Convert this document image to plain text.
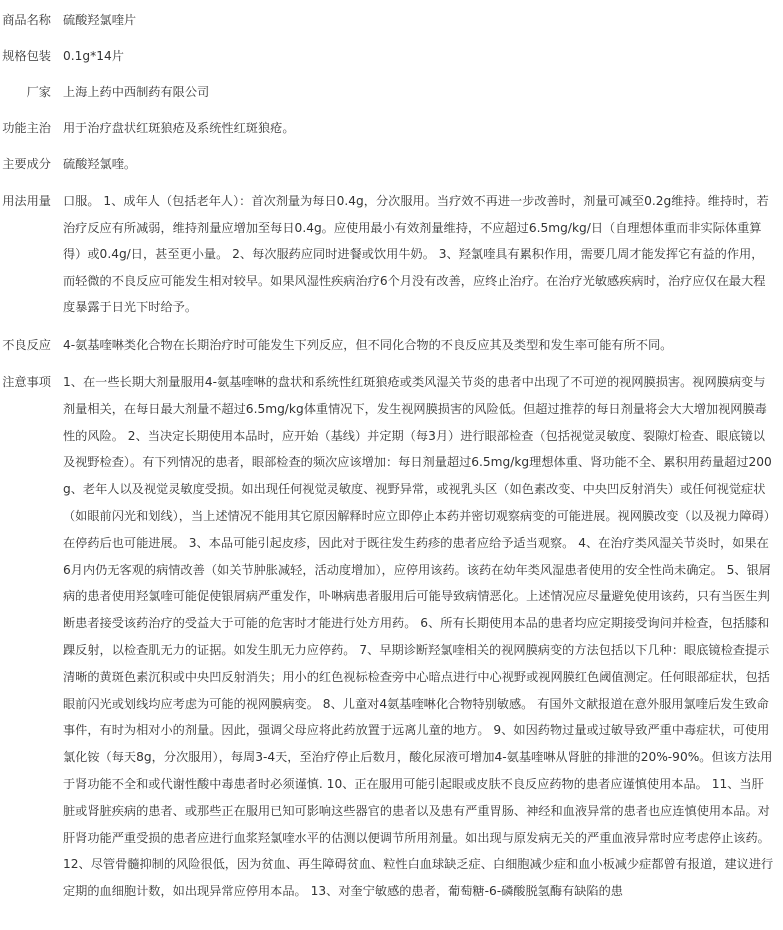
商品名称 硫酸羟氯喹片
规格包装 0.1g*14片
厂家 上海上药中西制药有限公司
功能主治 用于治疗盘状红斑狼疮及系统性红斑狼疮。
主要成分 硫酸羟氯喹。
用法用量 口服。 1、成年人（包括老年人）：首次剂量为每日0.4g，分次服用。当疗效不再进一步改善时，剂量可减至0.2g维持。维持时，若治疗反应有所减弱，维持剂量应增加至每日0.4g。应使用最小有效剂量维持，不应超过6.5mg/kg/日（自理想体重而非实际体重算得）或0.4g/日，甚至更小量。 2、每次服药应同时进餐或饮用牛奶。 3、羟氯喹具有累积作用，需要几周才能发挥它有益的作用，而轻微的不良反应可能发生相对较早。如果风湿性疾病治疗6个月没有改善，应终止治疗。在治疗光敏感疾病时，治疗应仅在最大程度暴露于日光下时给予。
不良反应 4-氨基喹啉类化合物在长期治疗时可能发生下列反应，但不同化合物的不良反应其及类型和发生率可能有所不同。
注意事项 1、在一些长期大剂量服用4-氨基喹啉的盘状和系统性红斑狼疮或类风湿关节炎的患者中出现了不可逆的视网膜损害。视网膜病变与剂量相关，在每日最大剂量不超过6.5mg/kg体重情况下，发生视网膜损害的风险低。但超过推荐的每日剂量将会大大增加视网膜毒性的风险。 2、当决定长期使用本品时，应开始（基线）并定期（每3月）进行眼部检查（包括视觉灵敏度、裂隙灯检查、眼底镜以及视野检查）。有下列情况的患者，眼部检查的频次应该增加：每日剂量超过6.5mg/kg理想体重、肾功能不全、累积用药量超过200g、老年人以及视觉灵敏度受损。如出现任何视觉灵敏度、视野异常，或视乳头区（如色素改变、中央凹反射消失）或任何视觉症状（如眼前闪光和划线），当上述情况不能用其它原因解释时应立即停止本药并密切观察病变的可能进展。视网膜改变（以及视力障碍）在停药后也可能进展。 3、本品可能引起皮疹，因此对于既往发生药疹的患者应给予适当观察。 4、在治疗类风湿关节炎时，如果在6月内仍无客观的病情改善（如关节肿胀减轻，活动度增加），应停用该药。该药在幼年类风湿患者使用的安全性尚未确定。 5、银屑病的患者使用羟氯喹可能促使银屑病严重发作，卟啉病患者服用后可能导致病情恶化。上述情况应尽量避免使用该药，只有当医生判断患者接受该药治疗的受益大于可能的危害时才能进行处方用药。 6、所有长期使用本品的患者均应定期接受询问并检查，包括膝和踝反射，以检查肌无力的证据。如发生肌无力应停药。 7、早期诊断羟氯喹相关的视网膜病变的方法包括以下几种：眼底镜检查提示清晰的黄斑色素沉积或中央凹反射消失；用小的红色视标检查旁中心暗点进行中心视野或视网膜红色阈值测定。任何眼部症状，包括眼前闪光或划线均应考虑为可能的视网膜病变。 8、儿童对4氨基喹啉化合物特别敏感。 有国外文献报道在意外服用氯喹后发生致命事件，有时为相对小的剂量。因此，强调父母应将此药放置于远离儿童的地方。 9、如因药物过量或过敏导致严重中毒症状，可使用氯化铵（每天8g，分次服用），每周3-4天，至治疗停止后数月，酸化尿液可增加4-氨基喹啉从肾脏的排泄的20%-90%。但该方法用于肾功能不全和或代谢性酸中毒患者时必须谨慎. 10、正在服用可能引起眼或皮肤不良反应药物的患者应谨慎使用本品。 11、当肝脏或肾脏疾病的患者、或那些正在服用已知可影响这些器官的患者以及患有严重胃肠、神经和血液异常的患者也应连慎使用本品。对肝肾功能严重受损的患者应进行血浆羟氯喹水平的估测以便调节所用剂量。如出现与原发病无关的严重血液异常时应考虑停止该药。 12、尽管骨髓抑制的风险很低，因为贫血、再生障碍贫血、粒性白血球缺乏症、白细胞减少症和血小板减少症都曾有报道，建议进行定期的血细胞计数，如出现异常应停用本品。 13、对奎宁敏感的患者，葡萄糖-6-磷酸脱氢酶有缺陷的患
